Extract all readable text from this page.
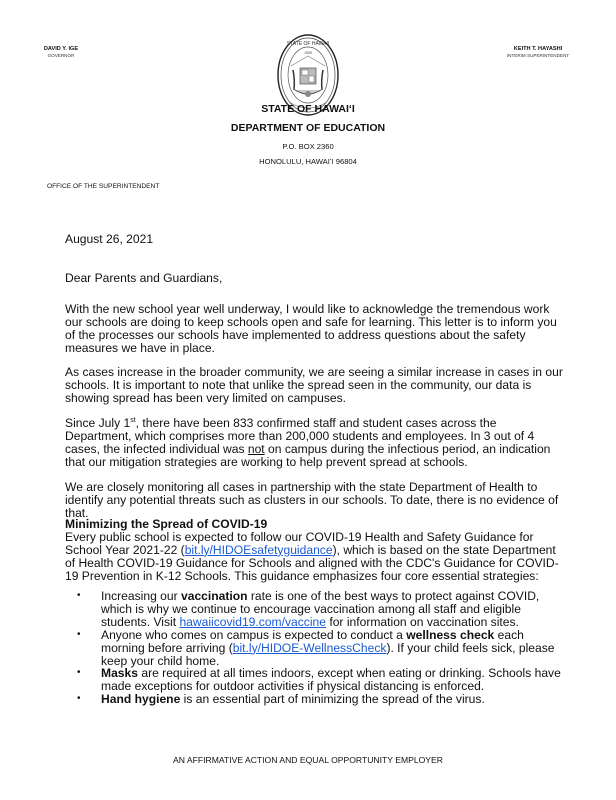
DAVID Y. IGE
GOVERNOR
STATE OF HAWAII
1959
KEITH T. HAYASHI
INTERIM SUPERINTENDENT
STATE OF HAWAIʻI
DEPARTMENT OF EDUCATION
P.O. BOX 2360
HONOLULU, HAWAIʻI 96804
OFFICE OF THE SUPERINTENDENT

August 26, 2021

Dear Parents and Guardians,

With the new school year well underway, I would like to acknowledge the tremendous work our schools are doing to keep schools open and safe for learning. This letter is to inform you of the processes our schools have implemented to address questions about the safety measures we have in place.

As cases increase in the broader community, we are seeing a similar increase in cases in our schools. It is important to note that unlike the spread seen in the community, our data is showing spread has been very limited on campuses.

Since July 1st, there have been 833 confirmed staff and student cases across the Department, which comprises more than 200,000 students and employees. In 3 out of 4 cases, the infected individual was not on campus during the infectious period, an indication that our mitigation strategies are working to help prevent spread at schools.

We are closely monitoring all cases in partnership with the state Department of Health to identify any potential threats such as clusters in our schools. To date, there is no evidence of that.

Minimizing the Spread of COVID-19

Every public school is expected to follow our COVID-19 Health and Safety Guidance for School Year 2021-22 (bit.ly/HIDOEsafetyguidance), which is based on the state Department of Health COVID-19 Guidance for Schools and aligned with the CDC's Guidance for COVID-19 Prevention in K-12 Schools. This guidance emphasizes four core essential strategies:

• Increasing our vaccination rate is one of the best ways to protect against COVID, which is why we continue to encourage vaccination among all staff and eligible students. Visit hawaiicovid19.com/vaccine for information on vaccination sites.
• Anyone who comes on campus is expected to conduct a wellness check each morning before arriving (bit.ly/HIDOE-WellnessCheck). If your child feels sick, please keep your child home.
• Masks are required at all times indoors, except when eating or drinking. Schools have made exceptions for outdoor activities if physical distancing is enforced.
• Hand hygiene is an essential part of minimizing the spread of the virus.
AN AFFIRMATIVE ACTION AND EQUAL OPPORTUNITY EMPLOYER
